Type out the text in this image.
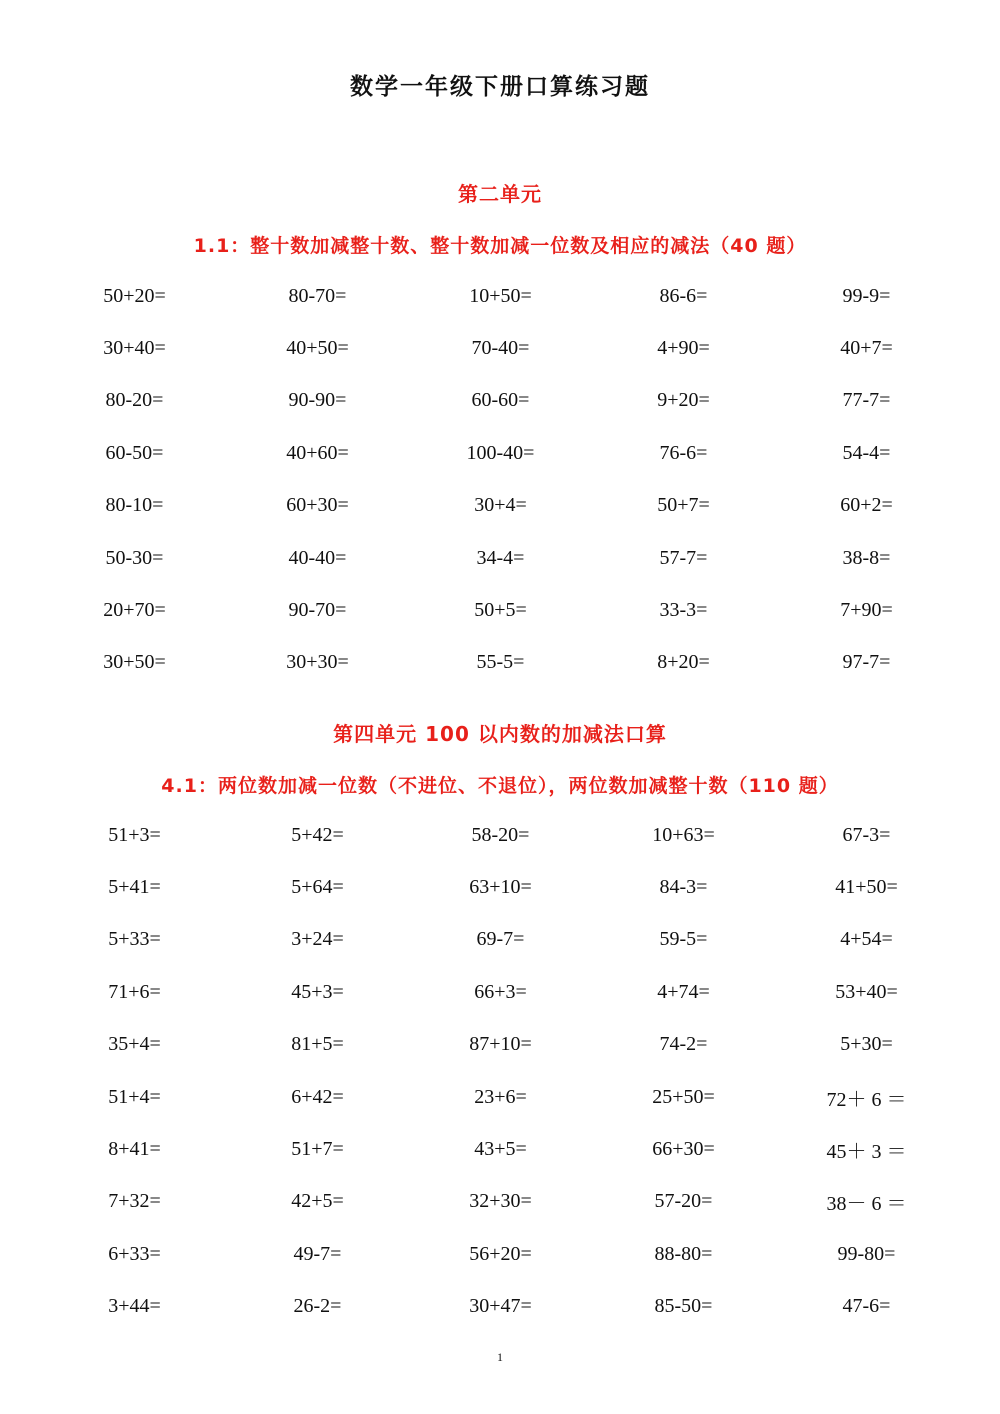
数学一年级下册口算练习题
第二单元
1.1：整十数加减整十数、整十数加减一位数及相应的减法（40 题）
50+20=	80-70=	10+50=	86-6=	99-9=
30+40=	40+50=	70-40=	4+90=	40+7=
80-20=	90-90=	60-60=	9+20=	77-7=
60-50=	40+60=	100-40=	76-6=	54-4=
80-10=	60+30=	30+4=	50+7=	60+2=
50-30=	40-40=	34-4=	57-7=	38-8=
20+70=	90-70=	50+5=	33-3=	7+90=
30+50=	30+30=	55-5=	8+20=	97-7=
第四单元 100 以内数的加减法口算
4.1：两位数加减一位数（不进位、不退位），两位数加减整十数（110 题）
51+3=	5+42=	58-20=	10+63=	67-3=
5+41=	5+64=	63+10=	84-3=	41+50=
5+33=	3+24=	69-7=	59-5=	4+54=
71+6=	45+3=	66+3=	4+74=	53+40=
35+4=	81+5=	87+10=	74-2=	5+30=
51+4=	6+42=	23+6=	25+50=	72＋ 6 ＝
8+41=	51+7=	43+5=	66+30=	45＋ 3 ＝
7+32=	42+5=	32+30=	57-20=	38－ 6 ＝
6+33=	49-7=	56+20=	88-80=	99-80=
3+44=	26-2=	30+47=	85-50=	47-6=
1
